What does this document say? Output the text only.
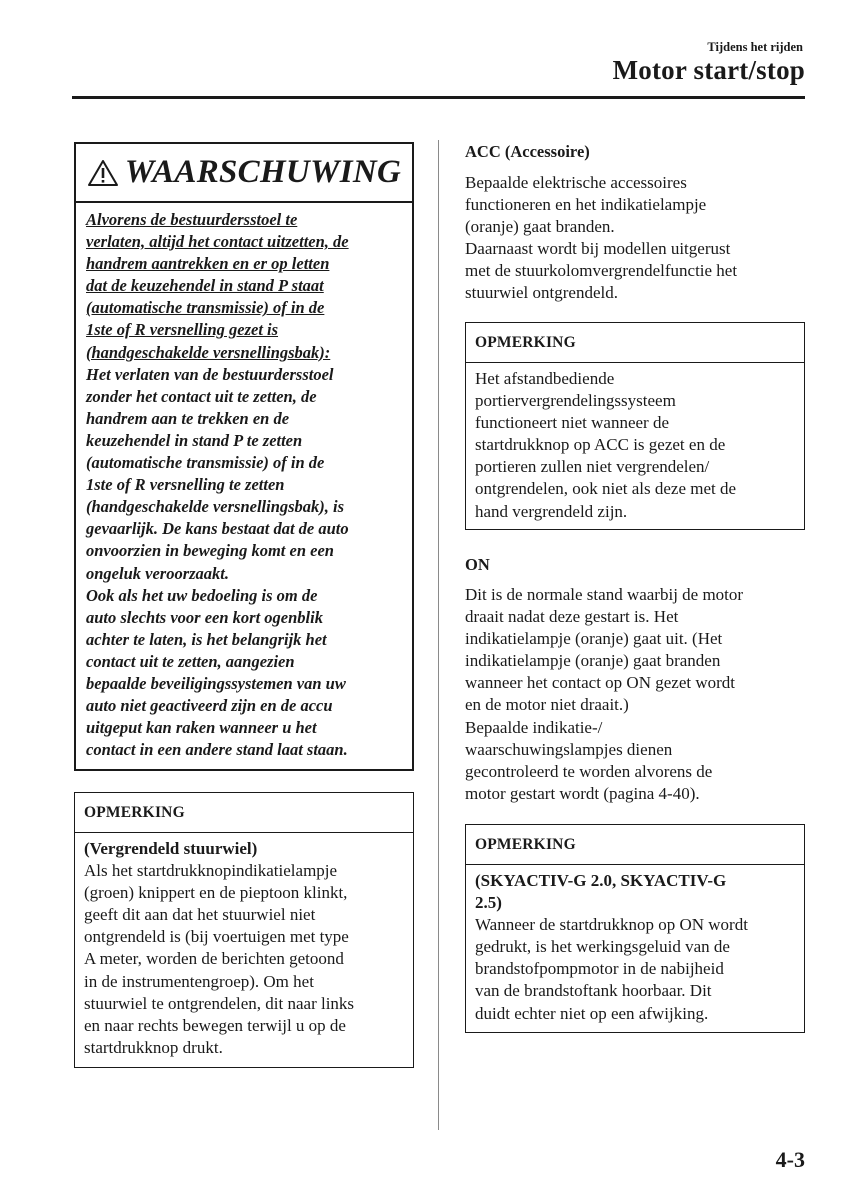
Tijdens het rijden
Motor start/stop
WAARSCHUWING
Alvorens de bestuurdersstoel te
verlaten, altijd het contact uitzetten, de
handrem aantrekken en er op letten
dat de keuzehendel in stand P staat
(automatische transmissie) of in de
1ste of R versnelling gezet is
(handgeschakelde versnellingsbak):
Het verlaten van de bestuurdersstoel
zonder het contact uit te zetten, de
handrem aan te trekken en de
keuzehendel in stand P te zetten
(automatische transmissie) of in de
1ste of R versnelling te zetten
(handgeschakelde versnellingsbak), is
gevaarlijk. De kans bestaat dat de auto
onvoorzien in beweging komt en een
ongeluk veroorzaakt.
Ook als het uw bedoeling is om de
auto slechts voor een kort ogenblik
achter te laten, is het belangrijk het
contact uit te zetten, aangezien
bepaalde beveiligingssystemen van uw
auto niet geactiveerd zijn en de accu
uitgeput kan raken wanneer u het
contact in een andere stand laat staan.
OPMERKING
(Vergrendeld stuurwiel)
Als het startdrukknopindikatielampje
(groen) knippert en de pieptoon klinkt,
geeft dit aan dat het stuurwiel niet
ontgrendeld is (bij voertuigen met type
A meter, worden de berichten getoond
in de instrumentengroep). Om het
stuurwiel te ontgrendelen, dit naar links
en naar rechts bewegen terwijl u op de
startdrukknop drukt.
ACC (Accessoire)
Bepaalde elektrische accessoires
functioneren en het indikatielampje
(oranje) gaat branden.
Daarnaast wordt bij modellen uitgerust
met de stuurkolomvergrendelfunctie het
stuurwiel ontgrendeld.
OPMERKING
Het afstandbediende
portiervergrendelingssysteem
functioneert niet wanneer de
startdrukknop op ACC is gezet en de
portieren zullen niet vergrendelen/
ontgrendelen, ook niet als deze met de
hand vergrendeld zijn.
ON
Dit is de normale stand waarbij de motor
draait nadat deze gestart is. Het
indikatielampje (oranje) gaat uit. (Het
indikatielampje (oranje) gaat branden
wanneer het contact op ON gezet wordt
en de motor niet draait.)
Bepaalde indikatie-/
waarschuwingslampjes dienen
gecontroleerd te worden alvorens de
motor gestart wordt (pagina 4-40).
OPMERKING
(SKYACTIV-G 2.0, SKYACTIV-G
2.5)
Wanneer de startdrukknop op ON wordt
gedrukt, is het werkingsgeluid van de
brandstofpompmotor in de nabijheid
van de brandstoftank hoorbaar. Dit
duidt echter niet op een afwijking.
4-3
